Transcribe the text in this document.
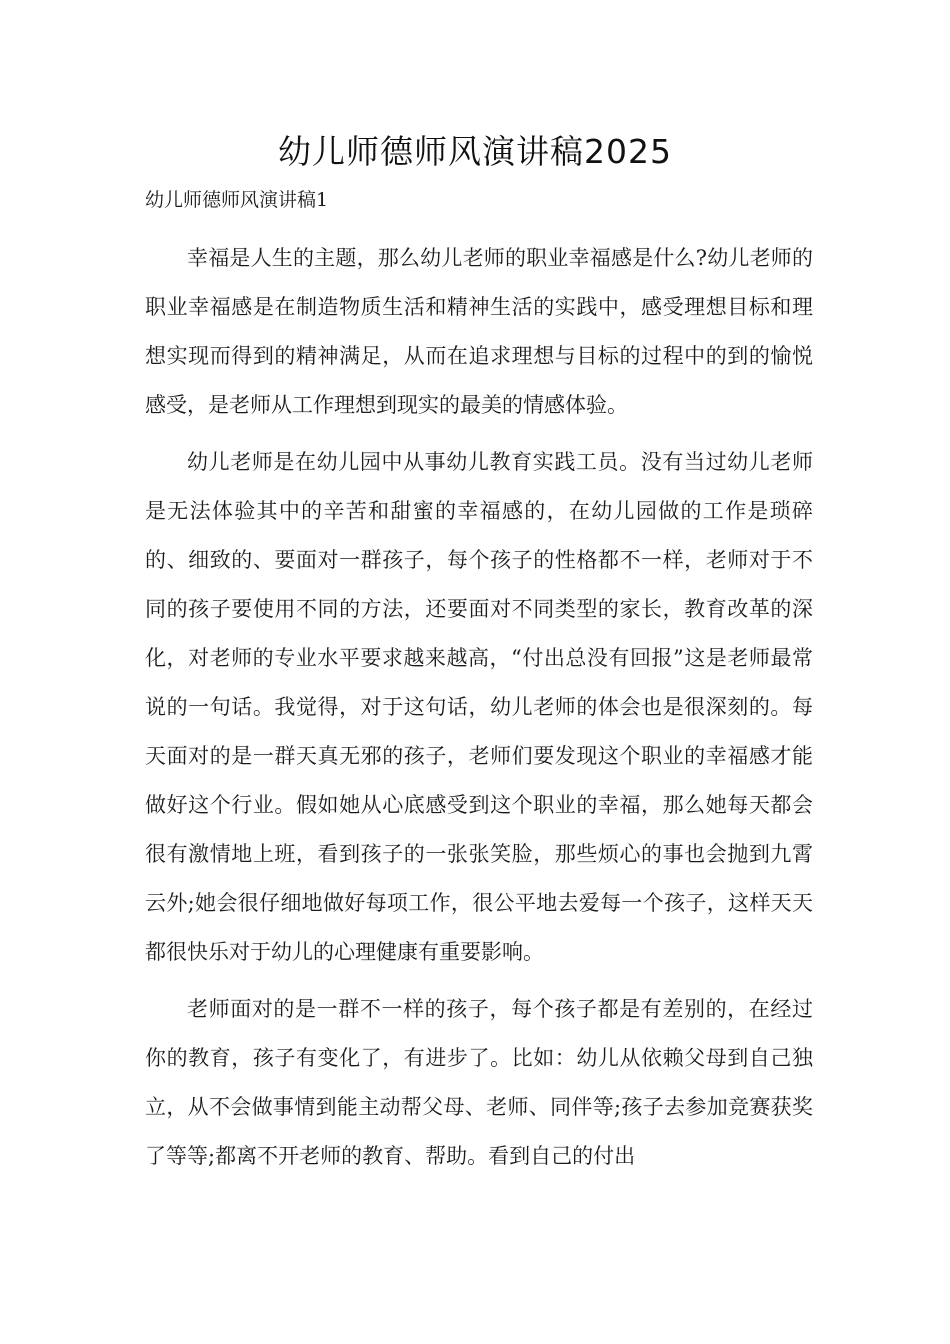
幼儿师德师风演讲稿2025

幼儿师德师风演讲稿1

幸福是人生的主题，那么幼儿老师的职业幸福感是什么?幼儿老师的职业幸福感是在制造物质生活和精神生活的实践中，感受理想目标和理想实现而得到的精神满足，从而在追求理想与目标的过程中的到的愉悦感受，是老师从工作理想到现实的最美的情感体验。

幼儿老师是在幼儿园中从事幼儿教育实践工员。没有当过幼儿老师是无法体验其中的辛苦和甜蜜的幸福感的，在幼儿园做的工作是琐碎的、细致的、要面对一群孩子，每个孩子的性格都不一样，老师对于不同的孩子要使用不同的方法，还要面对不同类型的家长，教育改革的深化，对老师的专业水平要求越来越高，“付出总没有回报”这是老师最常说的一句话。我觉得，对于这句话，幼儿老师的体会也是很深刻的。每天面对的是一群天真无邪的孩子，老师们要发现这个职业的幸福感才能做好这个行业。假如她从心底感受到这个职业的幸福，那么她每天都会很有激情地上班，看到孩子的一张张笑脸，那些烦心的事也会抛到九霄云外;她会很仔细地做好每项工作，很公平地去爱每一个孩子，这样天天都很快乐对于幼儿的心理健康有重要影响。

老师面对的是一群不一样的孩子，每个孩子都是有差别的，在经过你的教育，孩子有变化了，有进步了。比如：幼儿从依赖父母到自己独立，从不会做事情到能主动帮父母、老师、同伴等;孩子去参加竞赛获奖了等等;都离不开老师的教育、帮助。看到自己的付出
